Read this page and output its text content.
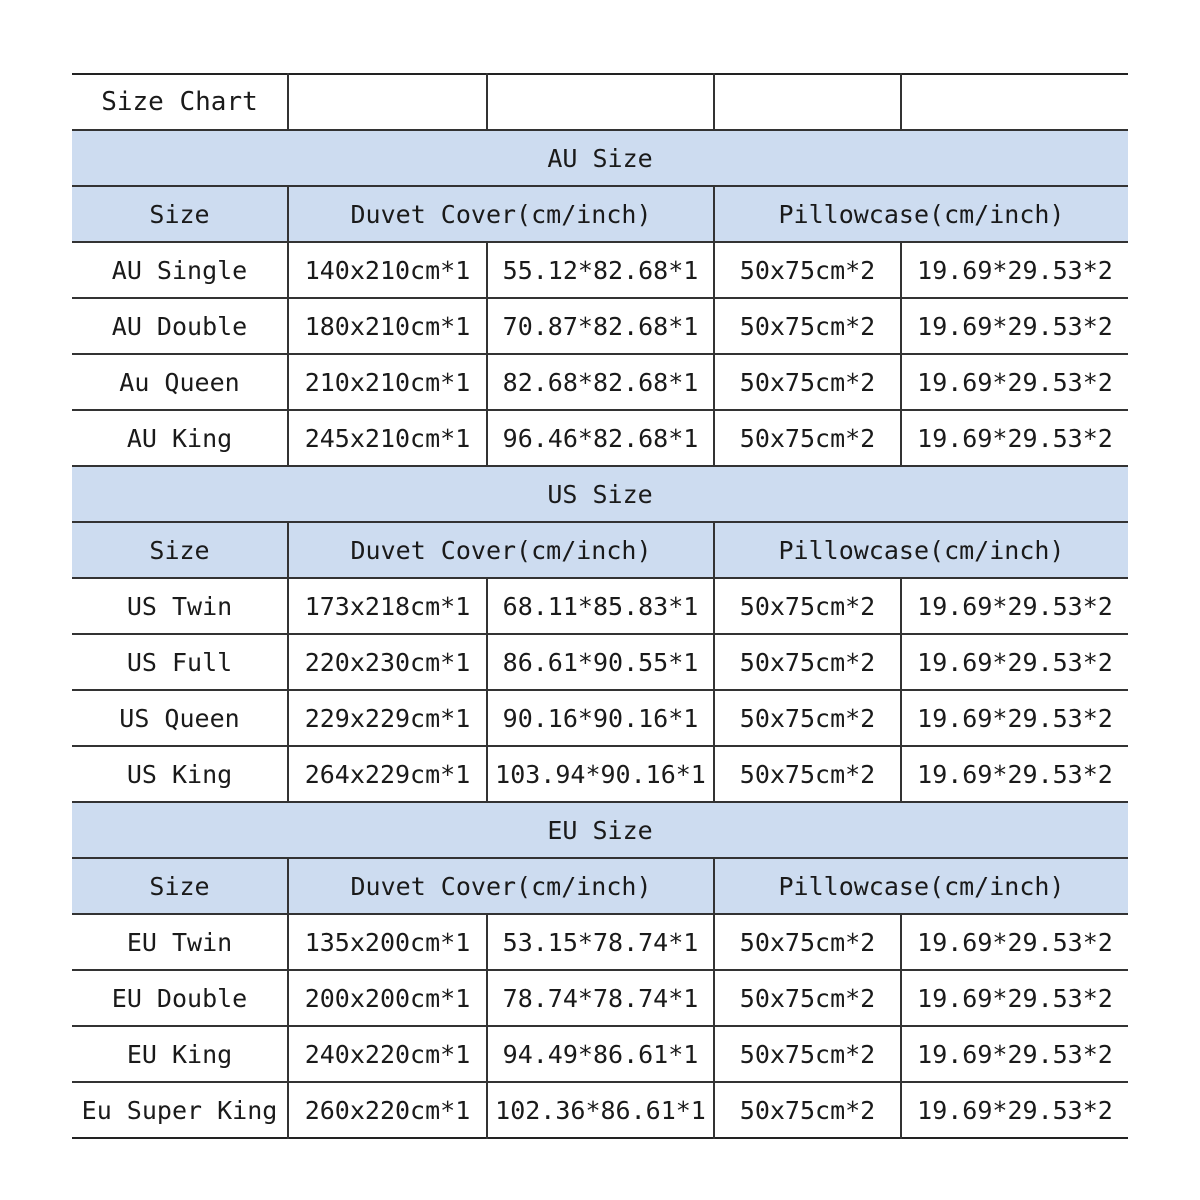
Size Chart				
AU Size				
Size	Duvet Cover(cm/inch)		Pillowcase(cm/inch)	
AU Single	140x210cm*1	55.12*82.68*1	50x75cm*2	19.69*29.53*2
AU Double	180x210cm*1	70.87*82.68*1	50x75cm*2	19.69*29.53*2
Au Queen	210x210cm*1	82.68*82.68*1	50x75cm*2	19.69*29.53*2
AU King	245x210cm*1	96.46*82.68*1	50x75cm*2	19.69*29.53*2
US Size				
Size	Duvet Cover(cm/inch)		Pillowcase(cm/inch)	
US Twin	173x218cm*1	68.11*85.83*1	50x75cm*2	19.69*29.53*2
US Full	220x230cm*1	86.61*90.55*1	50x75cm*2	19.69*29.53*2
US Queen	229x229cm*1	90.16*90.16*1	50x75cm*2	19.69*29.53*2
US King	264x229cm*1	103.94*90.16*1	50x75cm*2	19.69*29.53*2
EU Size				
Size	Duvet Cover(cm/inch)		Pillowcase(cm/inch)	
EU Twin	135x200cm*1	53.15*78.74*1	50x75cm*2	19.69*29.53*2
EU Double	200x200cm*1	78.74*78.74*1	50x75cm*2	19.69*29.53*2
EU King	240x220cm*1	94.49*86.61*1	50x75cm*2	19.69*29.53*2
Eu Super King	260x220cm*1	102.36*86.61*1	50x75cm*2	19.69*29.53*2
